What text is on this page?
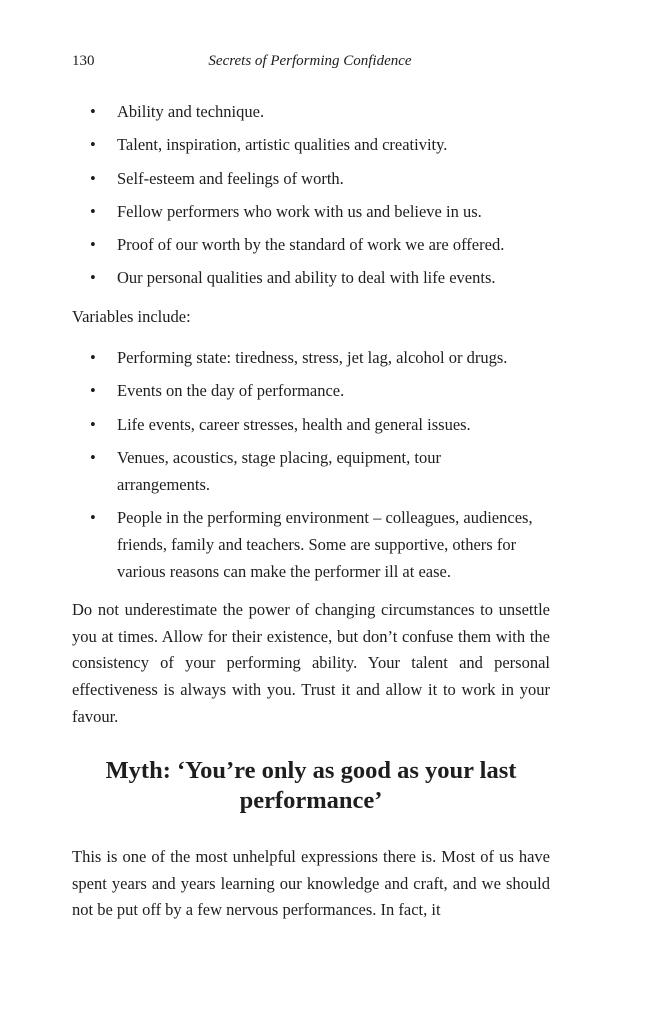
130	Secrets of Performing Confidence
• Ability and technique.
• Talent, inspiration, artistic qualities and creativity.
• Self-esteem and feelings of worth.
• Fellow performers who work with us and believe in us.
• Proof of our worth by the standard of work we are offered.
• Our personal qualities and ability to deal with life events.

Variables include:

• Performing state: tiredness, stress, jet lag, alcohol or drugs.
• Events on the day of performance.
• Life events, career stresses, health and general issues.
• Venues, acoustics, stage placing, equipment, tour arrangements.
• People in the performing environment – colleagues, audiences, friends, family and teachers. Some are supportive, others for various reasons can make the performer ill at ease.

Do not underestimate the power of changing circumstances to unsettle you at times. Allow for their existence, but don’t confuse them with the consistency of your performing ability. Your talent and personal effectiveness is always with you. Trust it and allow it to work in your favour.

Myth: ‘You’re only as good as your last performance’

This is one of the most unhelpful expressions there is. Most of us have spent years and years learning our knowledge and craft, and we should not be put off by a few nervous performances. In fact, it
